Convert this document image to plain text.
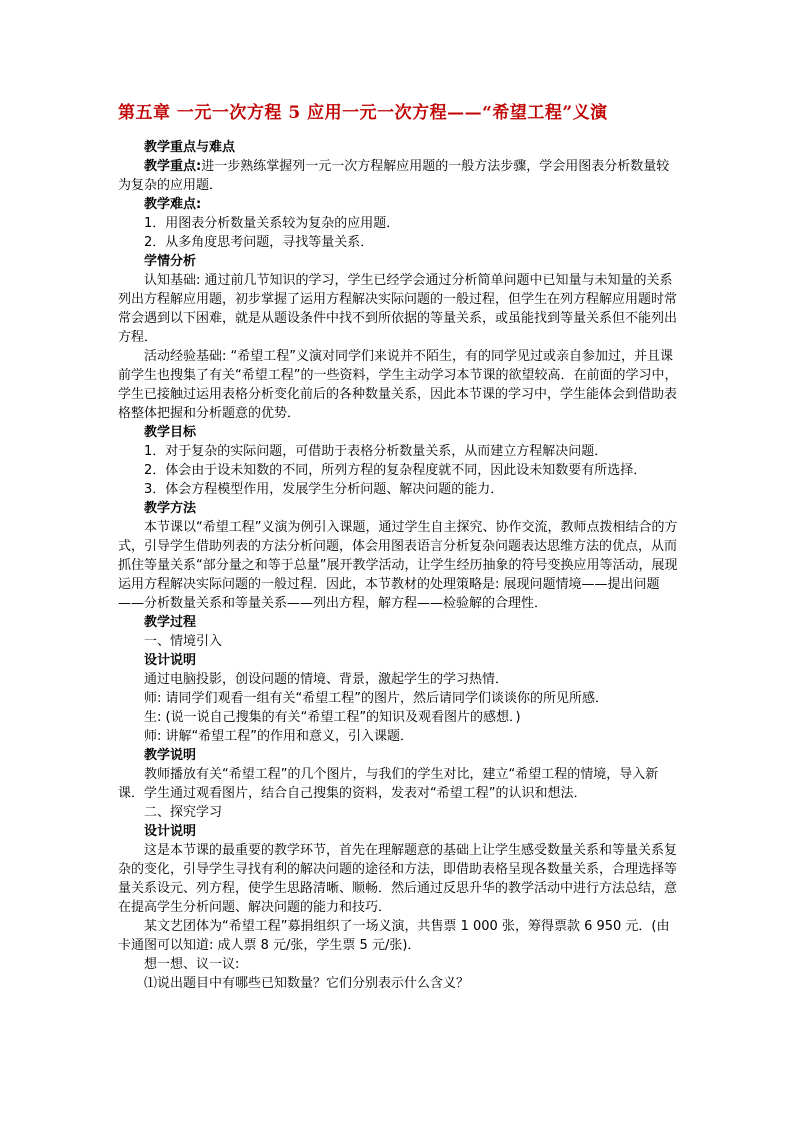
第五章 一元一次方程 5 应用一元一次方程——“希望工程”义演

教学重点与难点

教学重点:进一步熟练掌握列一元一次方程解应用题的一般方法步骤，学会用图表分析数量较为复杂的应用题．

教学难点:

1．用图表分析数量关系较为复杂的应用题．

2．从多角度思考问题，寻找等量关系．

学情分析

认知基础: 通过前几节知识的学习，学生已经学会通过分析简单问题中已知量与未知量的关系列出方程解应用题，初步掌握了运用方程解决实际问题的一般过程，但学生在列方程解应用题时常常会遇到以下困难，就是从题设条件中找不到所依据的等量关系，或虽能找到等量关系但不能列出方程．

活动经验基础: “希望工程”义演对同学们来说并不陌生，有的同学见过或亲自参加过，并且课前学生也搜集了有关“希望工程”的一些资料，学生主动学习本节课的欲望较高．在前面的学习中，学生已接触过运用表格分析变化前后的各种数量关系，因此本节课的学习中，学生能体会到借助表格整体把握和分析题意的优势．

教学目标

1．对于复杂的实际问题，可借助于表格分析数量关系，从而建立方程解决问题．

2．体会由于设未知数的不同，所列方程的复杂程度就不同，因此设未知数要有所选择．

3．体会方程模型作用，发展学生分析问题、解决问题的能力．

教学方法

本节课以“希望工程”义演为例引入课题，通过学生自主探究、协作交流，教师点拨相结合的方式，引导学生借助列表的方法分析问题，体会用图表语言分析复杂问题表达思维方法的优点，从而抓住等量关系“部分量之和等于总量”展开教学活动，让学生经历抽象的符号变换应用等活动，展现运用方程解决实际问题的一般过程．因此，本节教材的处理策略是: 展现问题情境——提出问题——分析数量关系和等量关系——列出方程，解方程——检验解的合理性．

教学过程

一、情境引入

设计说明

通过电脑投影，创设问题的情境、背景，激起学生的学习热情．

师: 请同学们观看一组有关“希望工程”的图片，然后请同学们谈谈你的所见所感．

生: (说一说自己搜集的有关“希望工程”的知识及观看图片的感想．)

师: 讲解“希望工程”的作用和意义，引入课题．

教学说明

教师播放有关“希望工程”的几个图片，与我们的学生对比，建立“希望工程的情境，导入新课．学生通过观看图片，结合自己搜集的资料，发表对“希望工程”的认识和想法．

二、探究学习

设计说明

这是本节课的最重要的教学环节，首先在理解题意的基础上让学生感受数量关系和等量关系复杂的变化，引导学生寻找有利的解决问题的途径和方法，即借助表格呈现各数量关系，合理选择等量关系设元、列方程，使学生思路清晰、顺畅．然后通过反思升华的教学活动中进行方法总结，意在提高学生分析问题、解决问题的能力和技巧．

某文艺团体为“希望工程”募捐组织了一场义演，共售票 1 000 张，筹得票款 6 950 元．(由卡通图可以知道: 成人票 8 元/张，学生票 5 元/张)．

想一想、议一议:

⑴说出题目中有哪些已知数量？它们分别表示什么含义？
